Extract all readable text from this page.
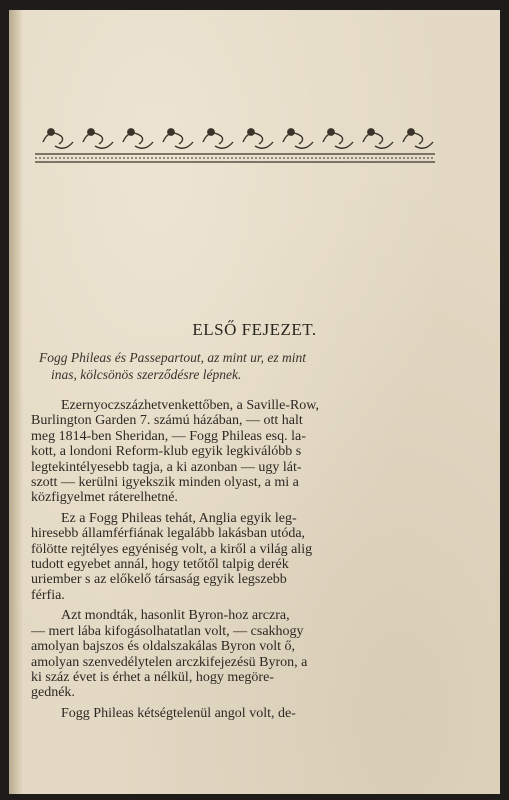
ELSŐ FEJEZET.
Fogg Phileas és Passepartout, az mint ur, ez mint
inas, kölcsönös szerződésre lépnek.
Ezernyoczszázhetvenkettőben, a Saville-Row,
Burlington Garden 7. számú házában, — ott halt
meg 1814-ben Sheridan, — Fogg Phileas esq. la-
kott, a londoni Reform-klub egyik legkiválóbb s
legtekintélyesebb tagja, a ki azonban — ugy lát-
szott — kerülni igyekszik minden olyast, a mi a
közfigyelmet ráterelhetné.
Ez a Fogg Phileas tehát, Anglia egyik leg-
hiresebb államférfiának legalább lakásban utóda,
fölötte rejtélyes egyéniség volt, a kiről a világ alig
tudott egyebet annál, hogy tetőtől talpig derék
uriember s az előkelő társaság egyik legszebb
férfia.
Azt mondták, hasonlit Byron-hoz arczra,
— mert lába kifogásolhatatlan volt, — csakhogy
amolyan bajszos és oldalszakálas Byron volt ő,
amolyan szenvedélytelen arczkifejezésü Byron, a
ki száz évet is érhet a nélkül, hogy megöre-
gednék.
Fogg Phileas kétségtelenül angol volt, de-
